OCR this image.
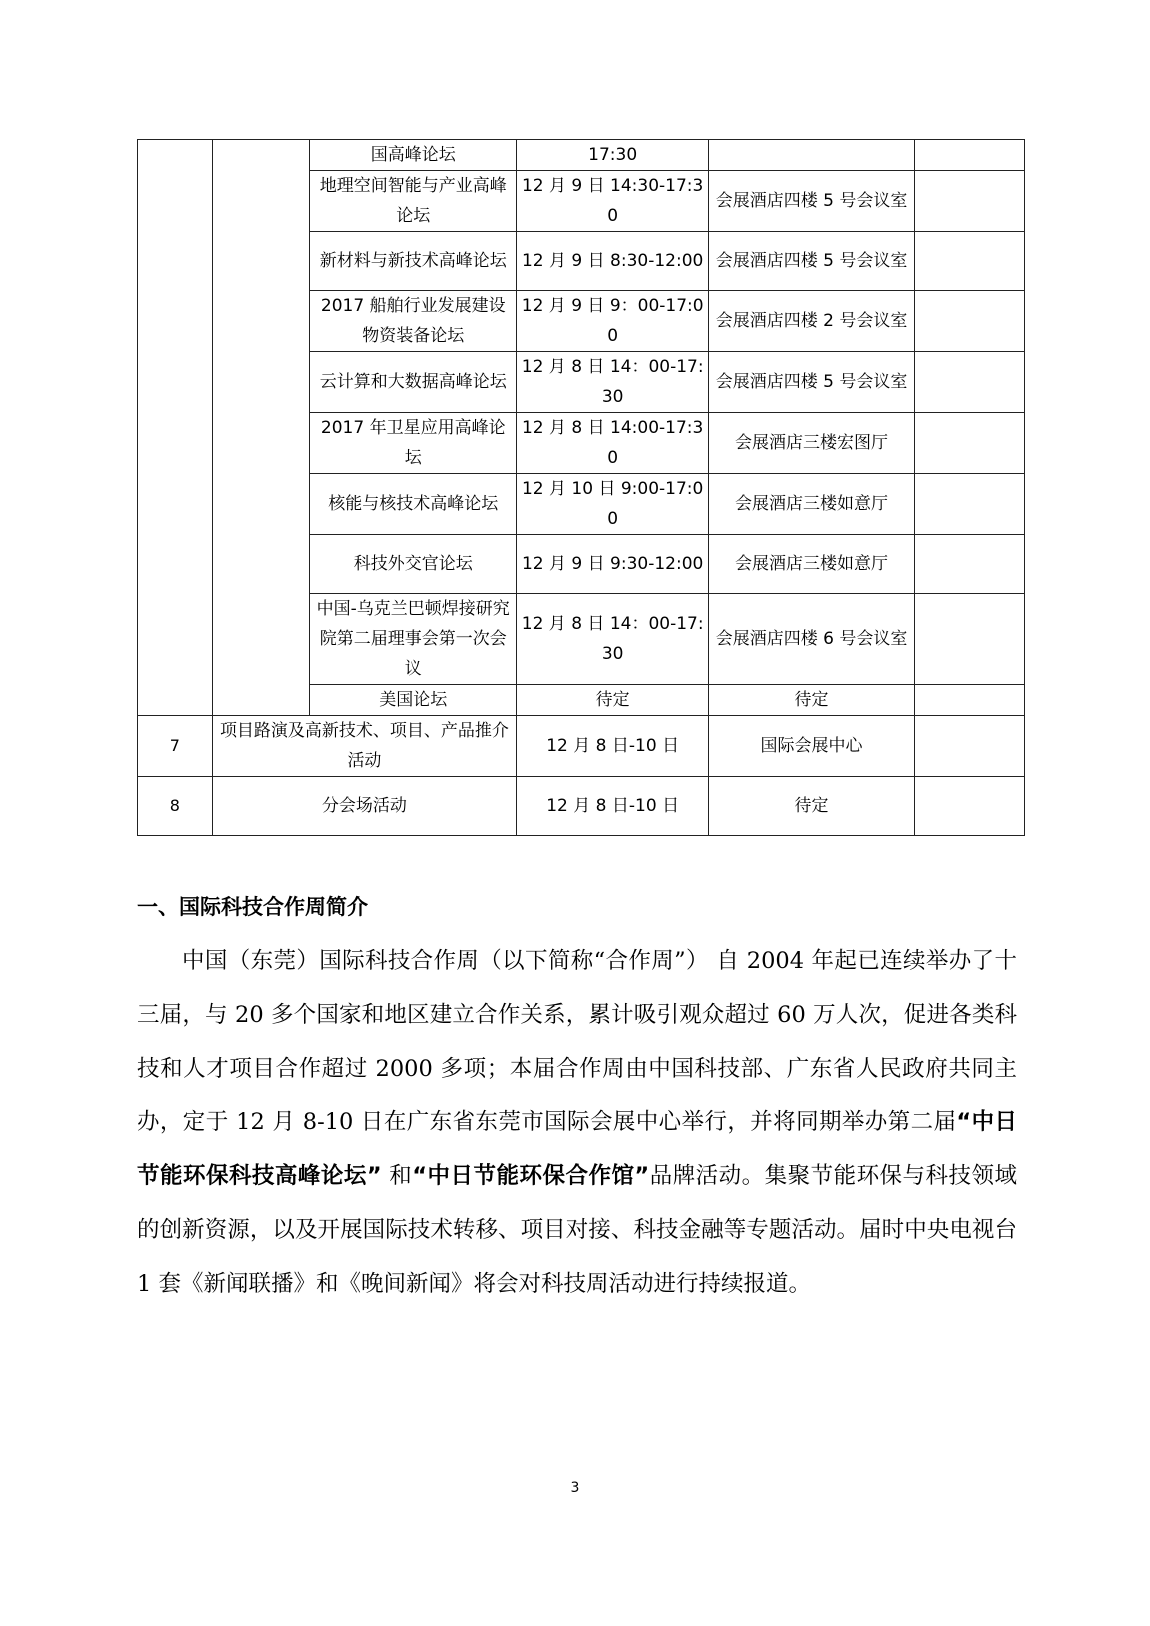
		国高峰论坛	17:30		
		地理空间智能与产业高峰论坛	12 月 9 日 14:30-17:30	会展酒店四楼 5 号会议室	
		新材料与新技术高峰论坛	12 月 9 日 8:30-12:00	会展酒店四楼 5 号会议室	
		2017 船舶行业发展建设物资装备论坛	12 月 9 日 9：00-17:00	会展酒店四楼 2 号会议室	
		云计算和大数据高峰论坛	12 月 8 日 14：00-17:30	会展酒店四楼 5 号会议室	
		2017 年卫星应用高峰论坛	12 月 8 日 14:00-17:30	会展酒店三楼宏图厅	
		核能与核技术高峰论坛	12 月 10 日 9:00-17:00	会展酒店三楼如意厅	
		科技外交官论坛	12 月 9 日 9:30-12:00	会展酒店三楼如意厅	
		中国-乌克兰巴顿焊接研究院第二届理事会第一次会议	12 月 8 日 14：00-17:30	会展酒店四楼 6 号会议室	
		美国论坛	待定	待定	
7	项目路演及高新技术、项目、产品推介活动		12 月 8 日-10 日	国际会展中心	
8	分会场活动		12 月 8 日-10 日	待定	
一、国际科技合作周简介

中国（东莞）国际科技合作周（以下简称“合作周”） 自 2004 年起已连续举办了十三届，与 20 多个国家和地区建立合作关系，累计吸引观众超过 60 万人次，促进各类科技和人才项目合作超过 2000 多项；本届合作周由中国科技部、广东省人民政府共同主办，定于 12 月 8-10 日在广东省东莞市国际会展中心举行，并将同期举办第二届“中日节能环保科技高峰论坛” 和“中日节能环保合作馆”品牌活动。集聚节能环保与科技领域的创新资源，以及开展国际技术转移、项目对接、科技金融等专题活动。届时中央电视台 1 套《新闻联播》和《晚间新闻》将会对科技周活动进行持续报道。

3
